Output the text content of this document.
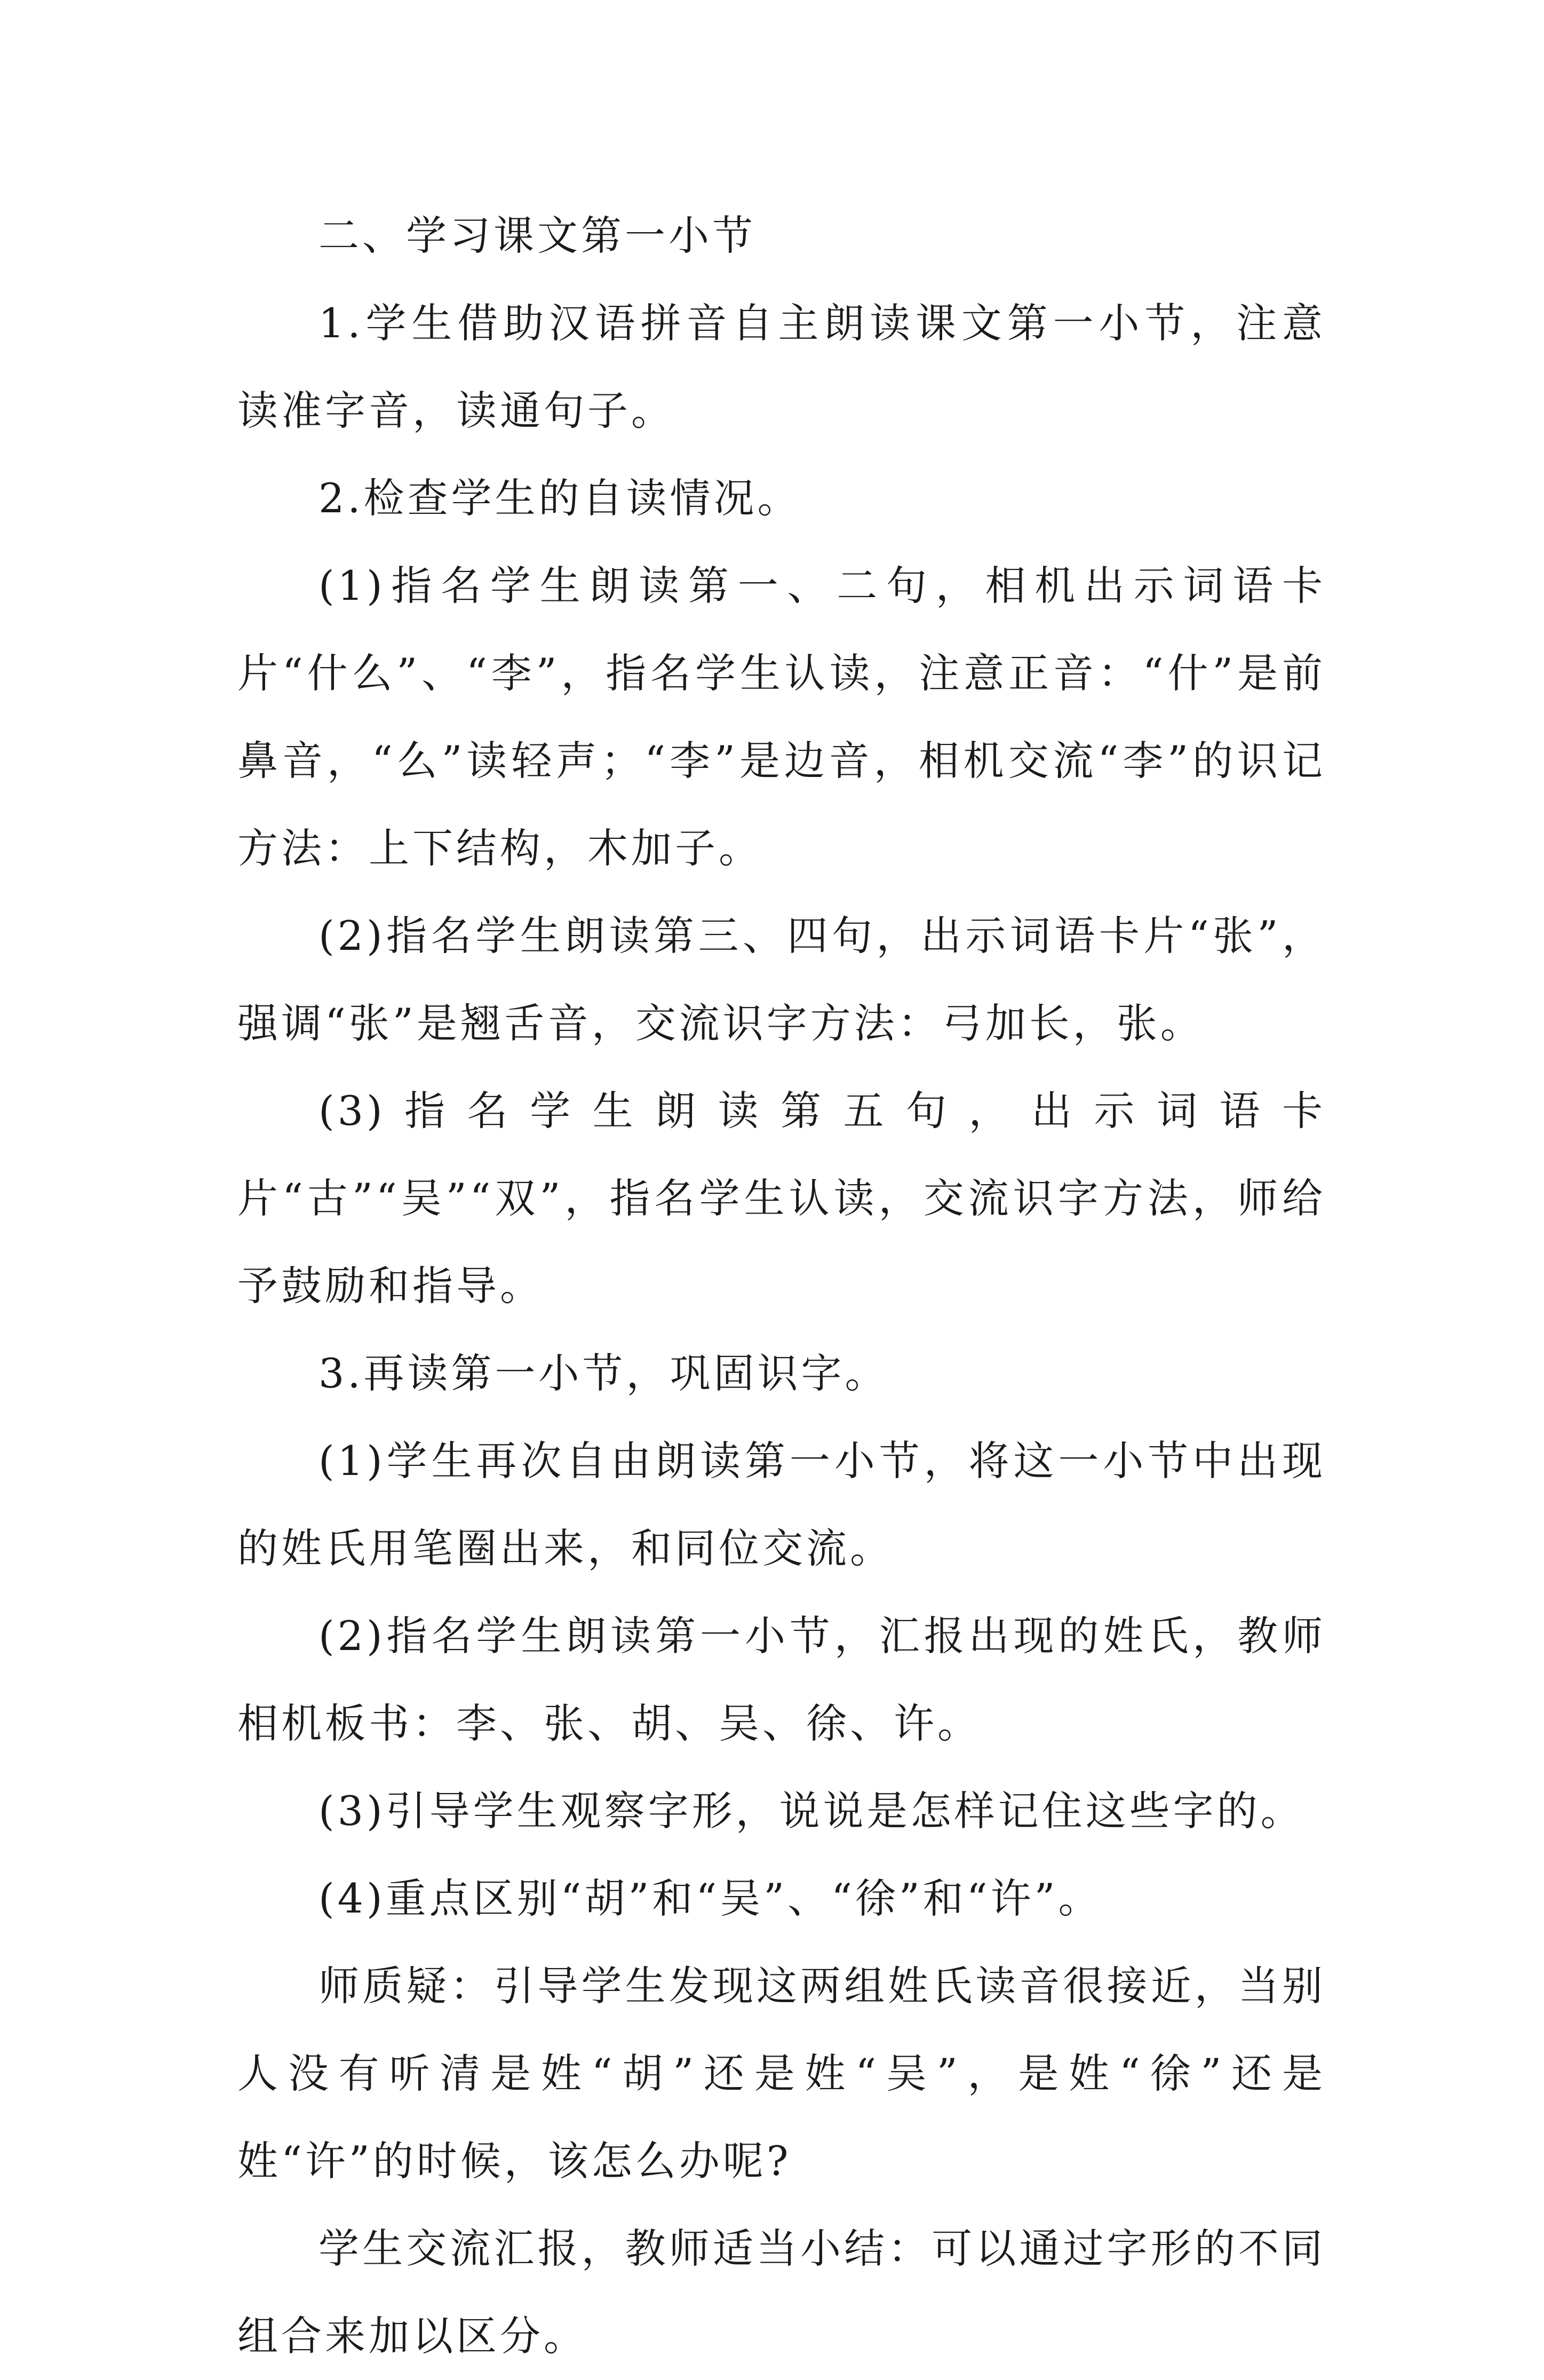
二、学习课文第一小节

1.学生借助汉语拼音自主朗读课文第一小节，注意读准字音，读通句子。

2.检查学生的自读情况。

(1)指名学生朗读第一、二句，相机出示词语卡片“什么”、“李”，指名学生认读，注意正音：“什”是前鼻音，“么”读轻声；“李”是边音，相机交流“李”的识记方法：上下结构，木加子。

(2)指名学生朗读第三、四句，出示词语卡片“张”，强调“张”是翘舌音，交流识字方法：弓加长，张。

(3)指名学生朗读第五句，出示词语卡片“古”“吴”“双”，指名学生认读，交流识字方法，师给予鼓励和指导。

3.再读第一小节，巩固识字。

(1)学生再次自由朗读第一小节，将这一小节中出现的姓氏用笔圈出来，和同位交流。

(2)指名学生朗读第一小节，汇报出现的姓氏，教师相机板书：李、张、胡、吴、徐、许。

(3)引导学生观察字形，说说是怎样记住这些字的。

(4)重点区别“胡”和“吴”、“徐”和“许”。

师质疑：引导学生发现这两组姓氏读音很接近，当别人没有听清是姓“胡”还是姓“吴”，是姓“徐”还是姓“许”的时候，该怎么办呢?

学生交流汇报，教师适当小结：可以通过字形的不同组合来加以区分。
